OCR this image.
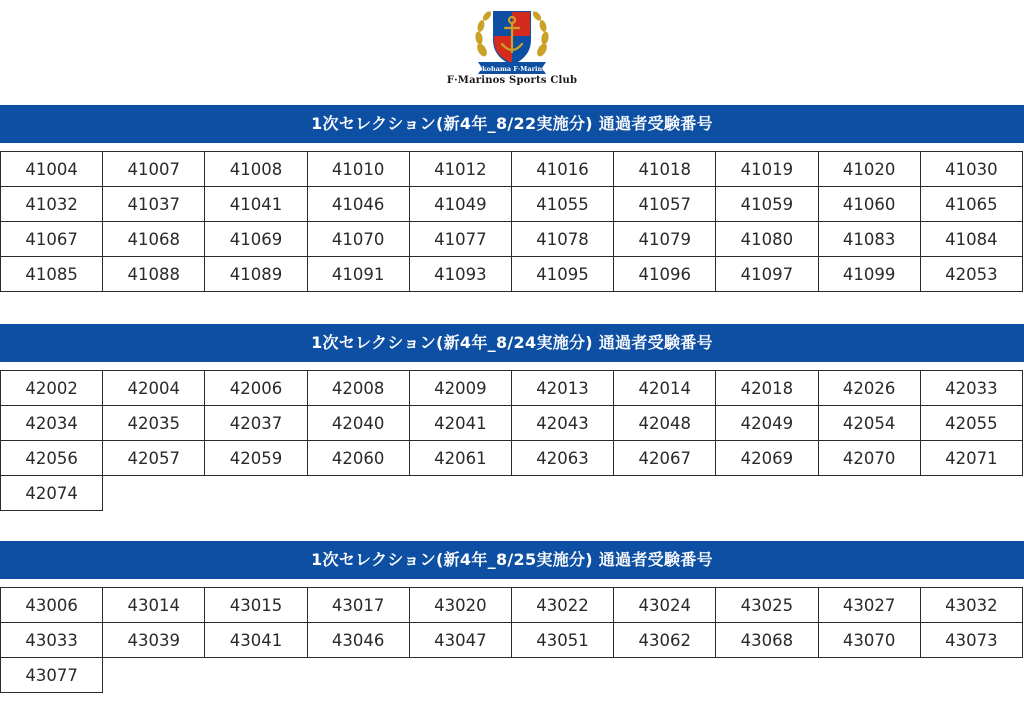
Yokohama F·Marinos
F·Marinos Sports Club
1次セレクション(新4年_8/22実施分) 通過者受験番号
41004	41007	41008	41010	41012	41016	41018	41019	41020	41030
41032	41037	41041	41046	41049	41055	41057	41059	41060	41065
41067	41068	41069	41070	41077	41078	41079	41080	41083	41084
41085	41088	41089	41091	41093	41095	41096	41097	41099	42053
1次セレクション(新4年_8/24実施分) 通過者受験番号
42002	42004	42006	42008	42009	42013	42014	42018	42026	42033
42034	42035	42037	42040	42041	42043	42048	42049	42054	42055
42056	42057	42059	42060	42061	42063	42067	42069	42070	42071
42074									
1次セレクション(新4年_8/25実施分) 通過者受験番号
43006	43014	43015	43017	43020	43022	43024	43025	43027	43032
43033	43039	43041	43046	43047	43051	43062	43068	43070	43073
43077									
